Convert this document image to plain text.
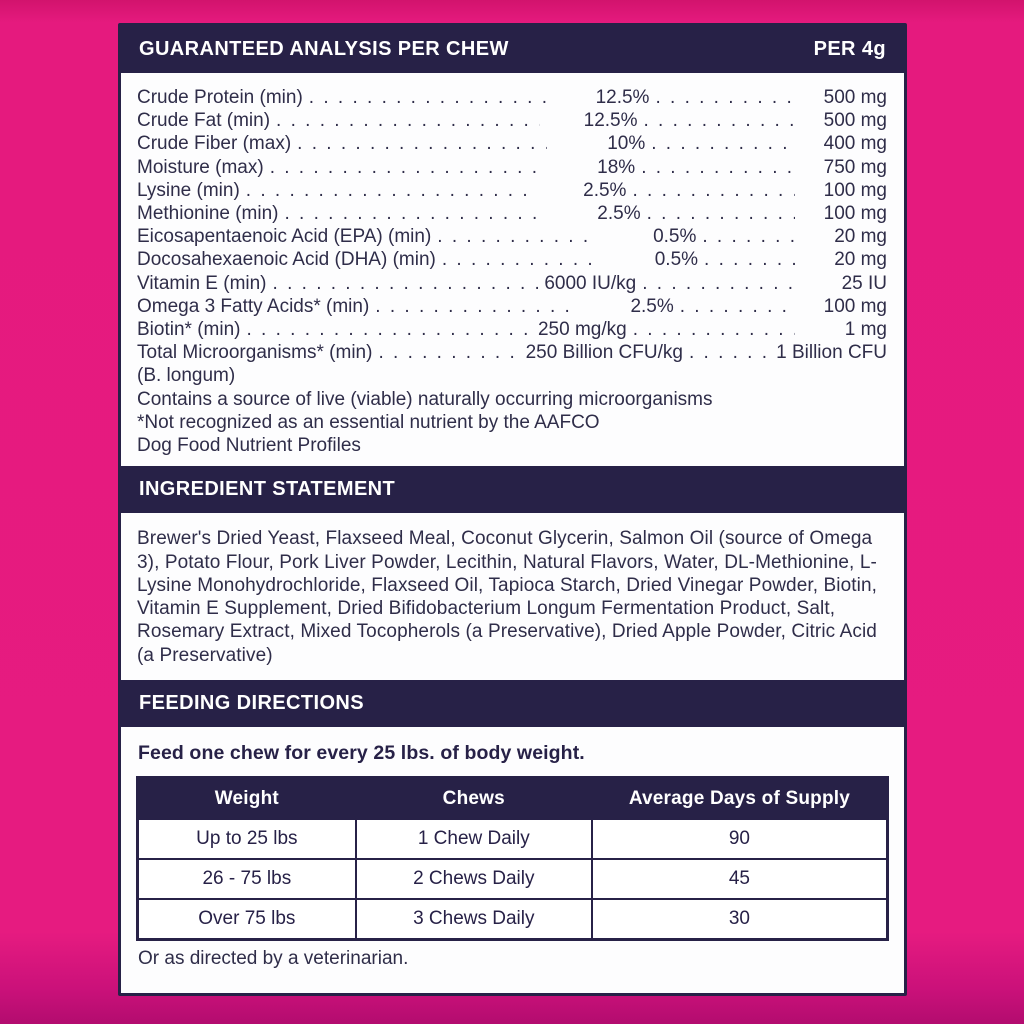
GUARANTEED ANALYSIS PER CHEW	PER 4g
Crude Protein (min) . . .	12.5% . . .	500 mg
Crude Fat (min) . . .	12.5% . . .	500 mg
Crude Fiber (max) . . .	10% . . .	400 mg
Moisture (max) . . .	18% . . .	750 mg
Lysine (min) . . .	2.5% . . .	100 mg
Methionine (min) . . .	2.5% . . .	100 mg
Eicosapentaenoic Acid (EPA) (min) . . .	0.5% . . .	20 mg
Docosahexaenoic Acid (DHA) (min) . . .	0.5% . . .	20 mg
Vitamin E (min) . . .	6000 IU/kg . . .	25 IU
Omega 3 Fatty Acids* (min) . . .	2.5% . . .	100 mg
Biotin* (min) . . .	250 mg/kg . . .	1 mg
Total Microorganisms* (min) . . .	250 Billion CFU/kg . . .	1 Billion CFU
(B. longum)
Contains a source of live (viable) naturally occurring microorganisms
*Not recognized as an essential nutrient by the AAFCO
Dog Food Nutrient Profiles
INGREDIENT STATEMENT

Brewer's Dried Yeast, Flaxseed Meal, Coconut Glycerin, Salmon Oil (source of Omega 3), Potato Flour, Pork Liver Powder, Lecithin, Natural Flavors, Water, DL-Methionine, L-Lysine Monohydrochloride, Flaxseed Oil, Tapioca Starch, Dried Vinegar Powder, Biotin, Vitamin E Supplement, Dried Bifidobacterium Longum Fermentation Product, Salt, Rosemary Extract, Mixed Tocopherols (a Preservative), Dried Apple Powder, Citric Acid (a Preservative)

FEEDING DIRECTIONS

Feed one chew for every 25 lbs. of body weight.

Weight	Chews	Average Days of Supply
Up to 25 lbs	1 Chew Daily	90
26 - 75 lbs	2 Chews Daily	45
Over 75 lbs	3 Chews Daily	30

Or as directed by a veterinarian.
